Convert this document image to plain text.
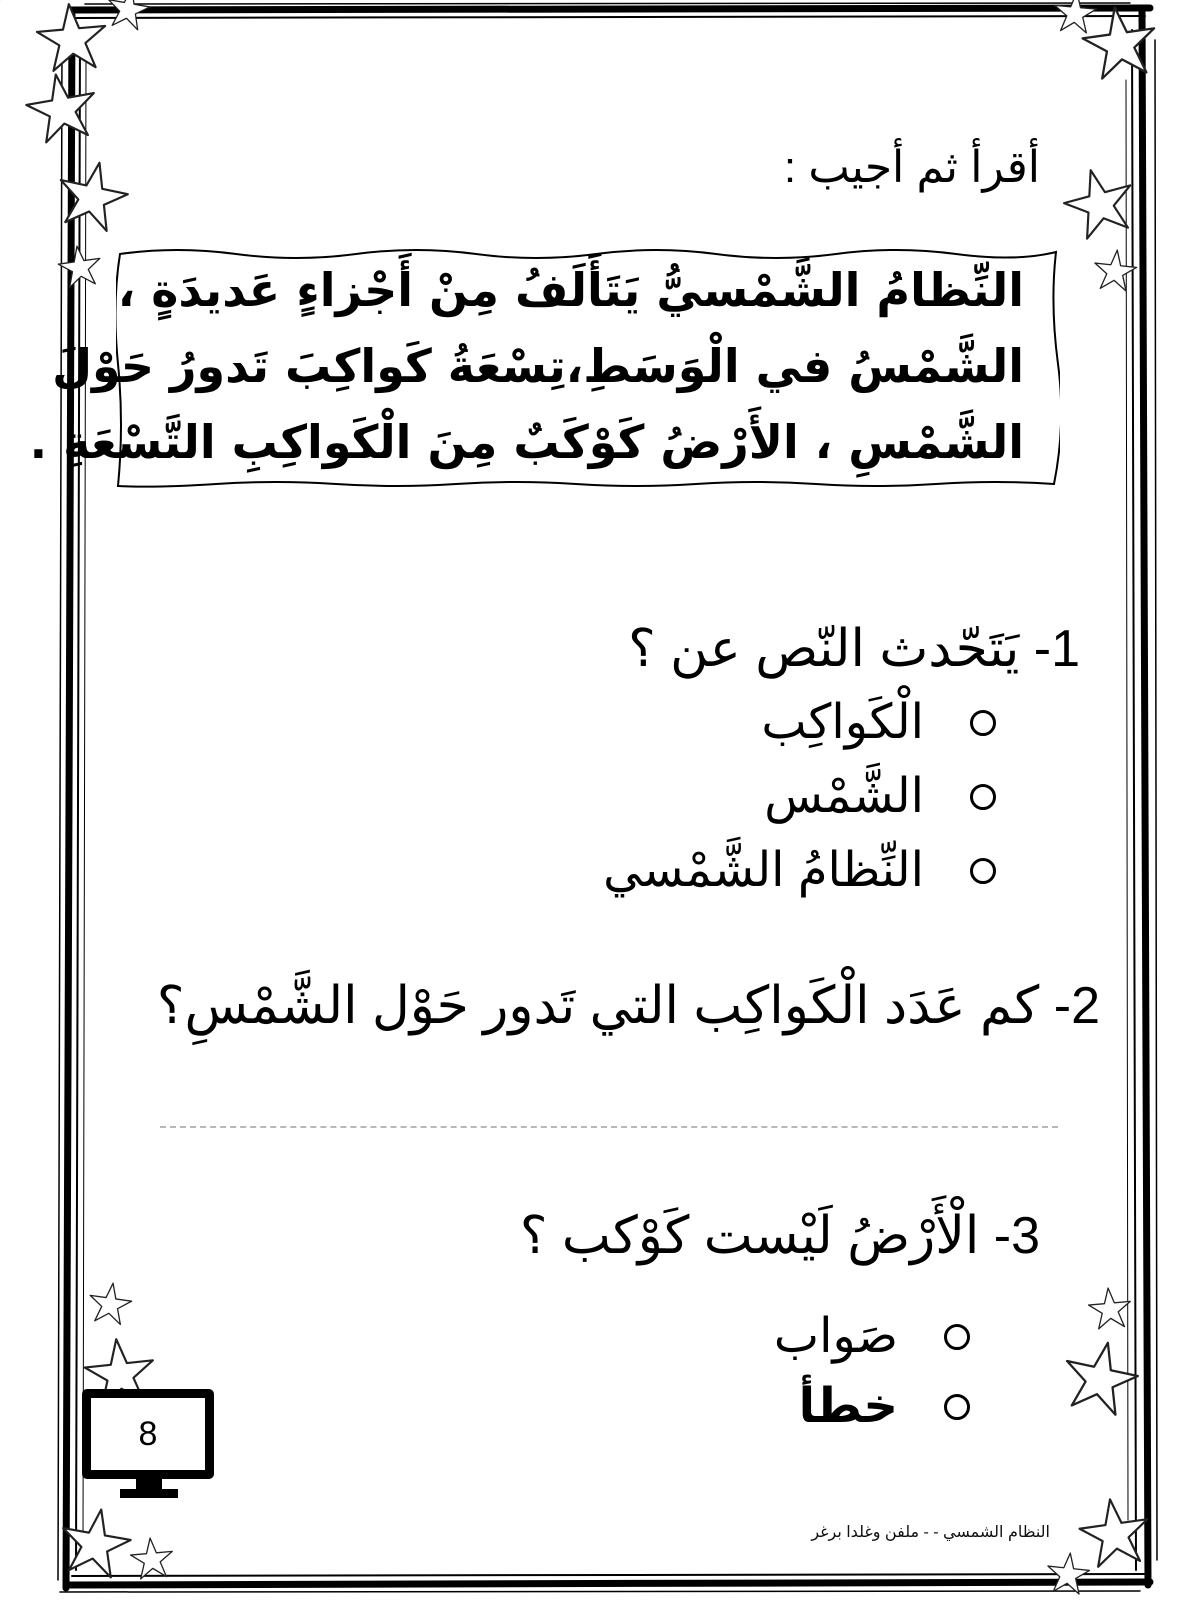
أقرأ ثم أجيب :
النِّظامُ الشَّمْسيُّ يَتَأَلَفُ مِنْ أَجْزاءٍ عَديدَةٍ ،
الشَّمْسُ في الْوَسَطِ،تِسْعَةُ كَواكِبَ تَدورُ حَوْلَ
الشَّمْسِ ، الأَرْضُ كَوْكَبٌ مِنَ الْكَواكِبِ التَّسْعَةِ .
1- يَتَحّدث النّص عن ؟
الْكَواكِب
الشَّمْس
النِّظامُ الشَّمْسي
2- كم عَدَد الْكَواكِب التي تَدور حَوْل الشَّمْسِ؟
3- الْأَرْضُ لَيْست كَوْكب ؟
صَواب
خطأ
8
النظام الشمسي - - ملفن وغلدا برغر
